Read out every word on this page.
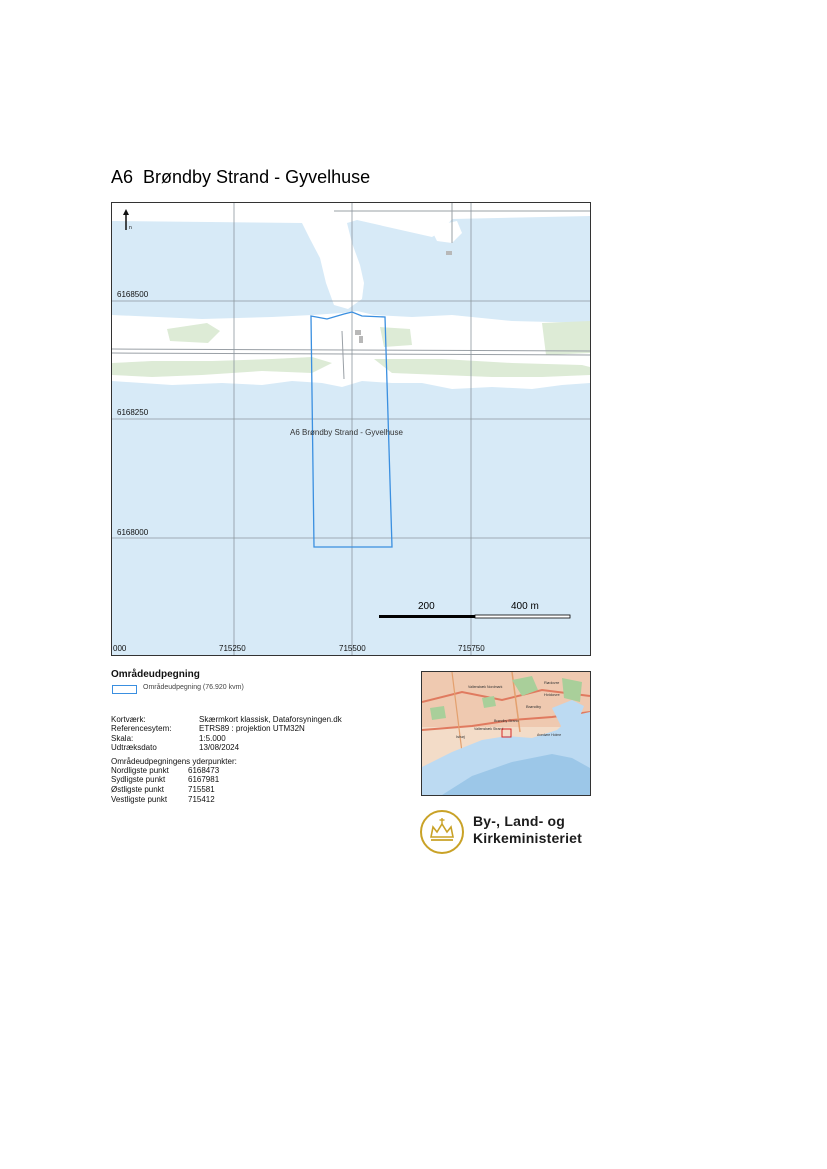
A6  Brøndby Strand - Gyvelhuse
n
6168500
6168250
6168000
000	715250	715500	715750
A6 Brøndby Strand - Gyvelhuse
200	400 m
Områdeudpegning
Områdeudpegning (76.920 kvm)
Kortværk:	Skærmkort klassisk, Dataforsyningen.dk
Referencesytem:	ETRS89 : projektion UTM32N
Skala:	1:5.000
Udtræksdato	13/08/2024
Områdeudpegningens yderpunkter:
Nordligste punkt 6168473
Sydligste punkt	6167981
Østligste punkt	715581
Vestligste punkt	715412
Rødovre
Vallensbæk Nordmark
Brøndby
Brøndby Strand
Vallensbæk Strand
Ishøj
Hvidovre
Avedøre Holme
By-, Land- og
Kirkeministeriet
